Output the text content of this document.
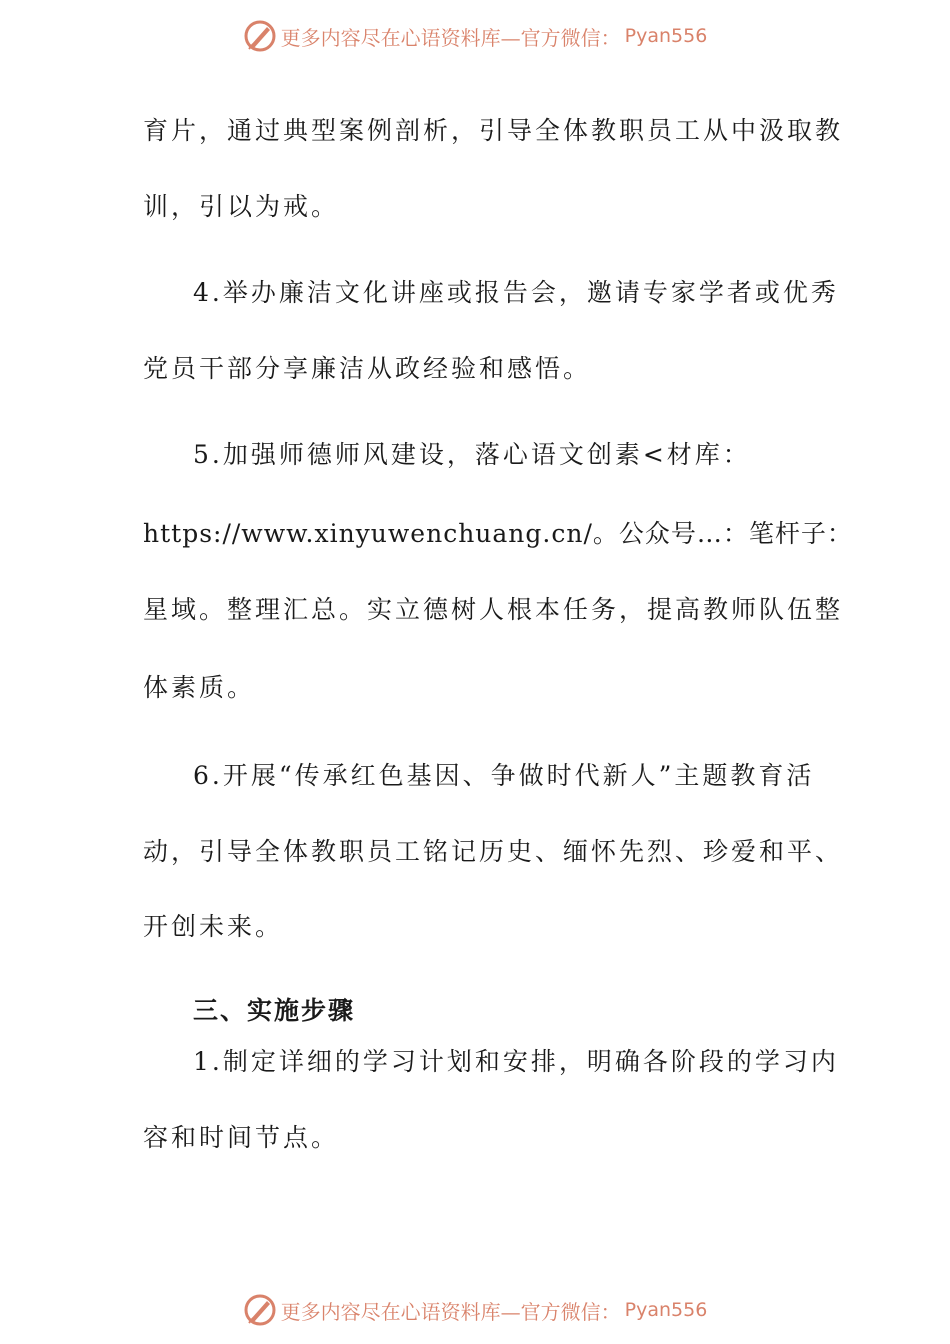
更多内容尽在心语资料库—官方微信： Pyan556
育片，通过典型案例剖析，引导全体教职员工从中汲取教
训，引以为戒。
4.举办廉洁文化讲座或报告会，邀请专家学者或优秀
党员干部分享廉洁从政经验和感悟。
5.加强师德师风建设，落心语文创素<材库：
https://www.xinyuwenchuang.cn/。公众号…：笔杆子：
星域。整理汇总。实立德树人根本任务，提高教师队伍整
体素质。
6.开展“传承红色基因、争做时代新人”主题教育活
动，引导全体教职员工铭记历史、缅怀先烈、珍爱和平、
开创未来。
三、实施步骤
1.制定详细的学习计划和安排，明确各阶段的学习内
容和时间节点。
更多内容尽在心语资料库—官方微信： Pyan556
